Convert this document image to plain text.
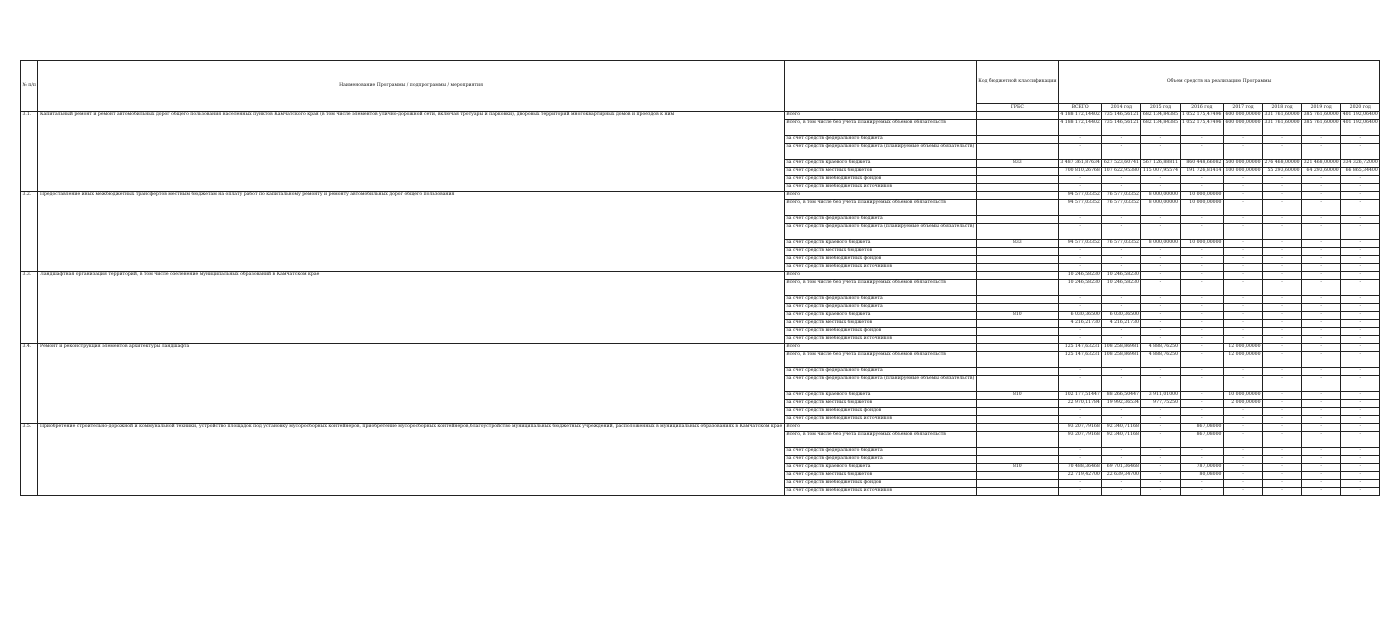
№ п/п	Наименование Программы / подпрограммы / мероприятия		Код бюджетной классификации	Объем средств на реализацию Программы							
			ГРБС	ВСЕГО	2014 год	2015 год	2016 год	2017 год	2018 год	2019 год	2020 год
3.1.	Капитальный ремонт и ремонт автомобильных дорог общего пользования населенных пунктов Камчатского края (в том числе элементов улично-дорожной сети, включая тротуары и парковки), дворовых территорий многоквартирных домов и проездов к ним	Всего		4 188 172,14402	735 146,56121	682 134,84385	1 052 175,47496	600 000,00000	331 761,60000	385 761,60000	401 192,06400
		Всего, в том числе без учета планируемых объемов обязательств		4 188 172,14402	735 146,56121	682 134,84385	1 052 175,47496	600 000,00000	331 761,60000	385 761,60000	401 192,06400
		за счет средств федерального бюджета		-	-	-	-	-	-	-	-
		за счет средств федерального бюджета (планируемые объемы обязательств)		-	-	-	-	-	-	-	-
		за счет средств краевого бюджета	833	3 487 361,87634	627 523,60741	567 126,88811	860 448,66082	500 000,00000	276 468,00000	321 468,00000	334 326,72000
		за счет средств местных бюджетов		700 810,26768	107 622,95380	115 007,95574	191 726,81414	100 000,00000	55 293,60000	64 293,60000	66 865,34400
		за счет средств внебюджетных фондов		-	-	-	-	-	-	-	-
		за счет средств внебюджетных источников		-	-	-	-	-	-	-	-
3.2.	Предоставление иных межбюджетных трансфертов местным бюджетам на оплату работ по капитальному ремонту и ремонту автомобильных дорог общего пользования	Всего		94 577,03352	76 577,03352	8 000,00000	10 000,00000	-	-	-	-
		Всего, в том числе без учета планируемых объемов обязательств		94 577,03352	76 577,03352	8 000,00000	10 000,00000	-	-	-	-
		за счет средств федерального бюджета		-	-	-	-	-	-	-	-
		за счет средств федерального бюджета (планируемые объемы обязательств)		-	-	-	-	-	-	-	-
		за счет средств краевого бюджета	833	94 577,03352	76 577,03352	8 000,00000	10 000,00000	-	-	-	-
		за счет средств местных бюджетов		-	-	-	-	-	-	-	-
		за счет средств внебюджетных фондов		-	-	-	-	-	-	-	-
		за счет средств внебюджетных источников		-	-	-	-	-	-	-	-
3.3.	Ландшафтная организация территорий, в том числе озеленение муниципальных образований в Камчатском крае	Всего		10 246,58230	10 246,58230	-	-	-	-	-	-
		Всего, в том числе без учета планируемых объемов обязательств		10 246,58230	10 246,58230	-	-	-	-	-	-
		за счет средств федерального бюджета		-	-	-	-	-	-	-	-
		за счет средств федерального бюджета		-	-	-	-	-	-	-	-
		за счет средств краевого бюджета	810	6 030,36500	6 030,36500	-	-	-	-	-	-
		за счет средств местных бюджетов		4 216,21730	4 216,21730	-	-	-	-	-	-
		за счет средств внебюджетных фондов		-	-	-	-	-	-	-	-
		за счет средств внебюджетных источников		-	-	-	-	-	-	-	-
3.4.	Ремонт и реконструкция элементов архитектуры ландшафта	Всего		125 147,63231	108 258,86981	4 888,76250	-	12 000,00000	-	-	-
		Всего, в том числе без учета планируемых объемов обязательств		125 147,63231	108 258,86981	4 888,76250	-	12 000,00000	-	-	-
		за счет средств федерального бюджета		-	-	-	-	-	-	-	-
		за счет средств федерального бюджета (планируемые объемы обязательств)		-	-	-	-	-	-	-	-
		за счет средств краевого бюджета	810	102 177,51447	88 266,50447	3 911,01000	-	10 000,00000	-	-	-
		за счет средств местных бюджетов		22 970,11784	19 992,36534	977,75250	-	2 000,00000	-	-	-
		за счет средств внебюджетных фондов		-	-	-	-	-	-	-	-
		за счет средств внебюджетных источников		-	-	-	-	-	-	-	-
3.5.	Приобретение строительно-дорожной и коммунальной техники, устройство площадок под установку мусоросборных контейнеров, приобретение мусоросборных контейнеров,благоустройство муниципальных бюджетных учреждений, расположенных в муниципальных образованиях в Камчатском крае	Всего		93 207,79168	92 340,71168	-	867,08000	-	-	-	-
		Всего, в том числе без учета планируемых объемов обязательств		93 207,79168	92 340,71168	-	867,08000	-	-	-	-
		за счет средств федерального бюджета		-	-	-	-	-	-	-	-
		за счет средств федерального бюджета		-	-	-	-	-	-	-	-
		за счет средств краевого бюджета	810	70 488,36468	69 701,36468	-	787,00000	-	-	-	-
		за счет средств местных бюджетов		22 719,42700	22 639,34700	-	80,08000	-	-	-	-
		за счет средств внебюджетных фондов		-	-	-	-	-	-	-	-
		за счет средств внебюджетных источников		-	-	-	-	-	-	-	-
